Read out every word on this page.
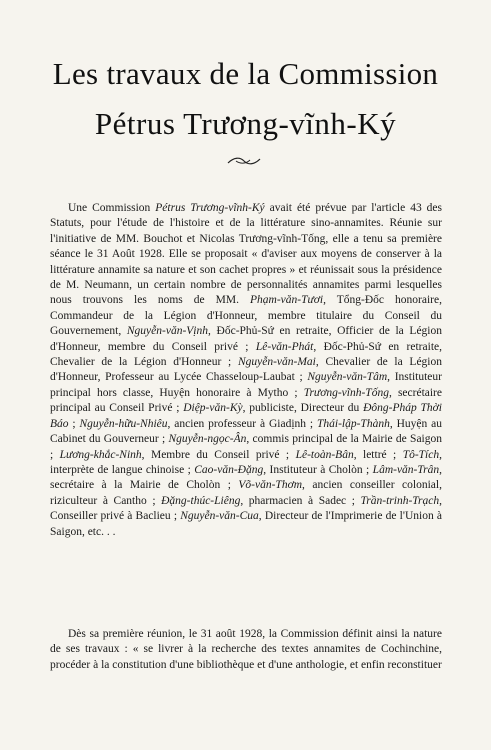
Les travaux de la Commission
Pétrus Trương-vĩnh-Ký

Une Commission Pétrus Trương-vĩnh-Ký avait été prévue par l'article 43 des Statuts, pour l'étude de l'histoire et de la littérature sino-annamites. Réunie sur l'initiative de MM. Bouchot et Nicolas Trương-vĩnh-Tống, elle a tenu sa première séance le 31 Août 1928. Elle se proposait « d'aviser aux moyens de conserver à la littérature annamite sa nature et son cachet propres » et réunissait sous la présidence de M. Neumann, un certain nombre de personnalités annamites parmi lesquelles nous trouvons les noms de MM. Phạm-văn-Tươi, Tổng-Đốc honoraire, Commandeur de la Légion d'Honneur, membre titulaire du Conseil du Gouvernement, Nguyễn-văn-Vịnh, Đốc-Phủ-Sứ en retraite, Officier de la Légion d'Honneur, membre du Conseil privé ; Lê-văn-Phát, Đốc-Phủ-Sứ en retraite, Chevalier de la Légion d'Honneur ; Nguyễn-văn-Mai, Chevalier de la Légion d'Honneur, Professeur au Lycée Chasseloup-Laubat ; Nguyễn-văn-Tâm, Instituteur principal hors classe, Huyện honoraire à Mytho ; Trương-vĩnh-Tống, secrétaire principal au Conseil Privé ; Diệp-văn-Kỳ, publiciste, Directeur du Đông-Pháp Thời Báo ; Nguyễn-hữu-Nhiêu, ancien professeur à Giadịnh ; Thái-lập-Thành, Huyện au Cabinet du Gouverneur ; Nguyễn-ngọc-Ân, commis principal de la Mairie de Saigon ; Lương-khắc-Ninh, Membre du Conseil privé ; Lê-toàn-Bân, lettré ; Tô-Tích, interprète de langue chinoise ; Cao-văn-Đặng, Instituteur à Cholòn ; Lâm-văn-Trân, secrétaire à la Mairie de Cholòn ; Võ-văn-Thơm, ancien conseiller colonial, riziculteur à Cantho ; Đặng-thúc-Liêng, pharmacien à Sadec ; Trần-trinh-Trạch, Conseiller privé à Baclieu ; Nguyễn-văn-Cua, Directeur de l'Imprimerie de l'Union à Saigon, etc. . .

Dès sa première réunion, le 31 août 1928, la Commission définit ainsi la nature de ses travaux : « se livrer à la recherche des textes annamites de Cochinchine, procéder à la constitution d'une bibliothèque et d'une anthologie, et enfin reconstituer
